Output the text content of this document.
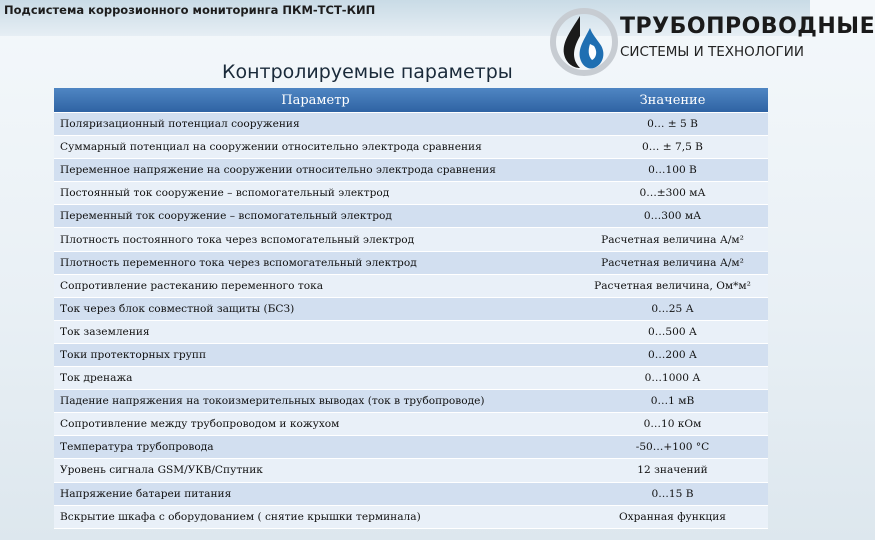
Подсистема коррозионного мониторинга ПКМ-ТСТ-КИП
ТРУБОПРОВОДНЫЕ
СИСТЕМЫ И ТЕХНОЛОГИИ
Контролируемые параметры
Параметр	Значение
Поляризационный потенциал сооружения	0… ± 5 В
Суммарный потенциал на сооружении относительно электрода сравнения	0… ± 7,5 В
Переменное напряжение на сооружении относительно электрода сравнения	0…100 В
Постоянный ток сооружение – вспомогательный электрод	0…±300 мА
Переменный ток сооружение – вспомогательный электрод	0…300 мА
Плотность постоянного тока через вспомогательный электрод	Расчетная величина А/м²
Плотность переменного тока через вспомогательный электрод	Расчетная величина А/м²
Сопротивление растеканию переменного тока	Расчетная величина, Ом*м²
Ток через блок совместной защиты (БСЗ)	0…25 А
Ток заземления	0…500 А
Токи протекторных групп	0…200 А
Ток дренажа	0…1000 А
Падение напряжения на токоизмерительных выводах (ток в трубопроводе)	0…1 мВ
Сопротивление между трубопроводом и кожухом	0…10 кОм
Температура трубопровода	-50…+100 °С
Уровень сигнала GSM/УКВ/Спутник	12 значений
Напряжение батареи питания	0…15 В
Вскрытие шкафа с оборудованием ( снятие крышки терминала)	Охранная функция
